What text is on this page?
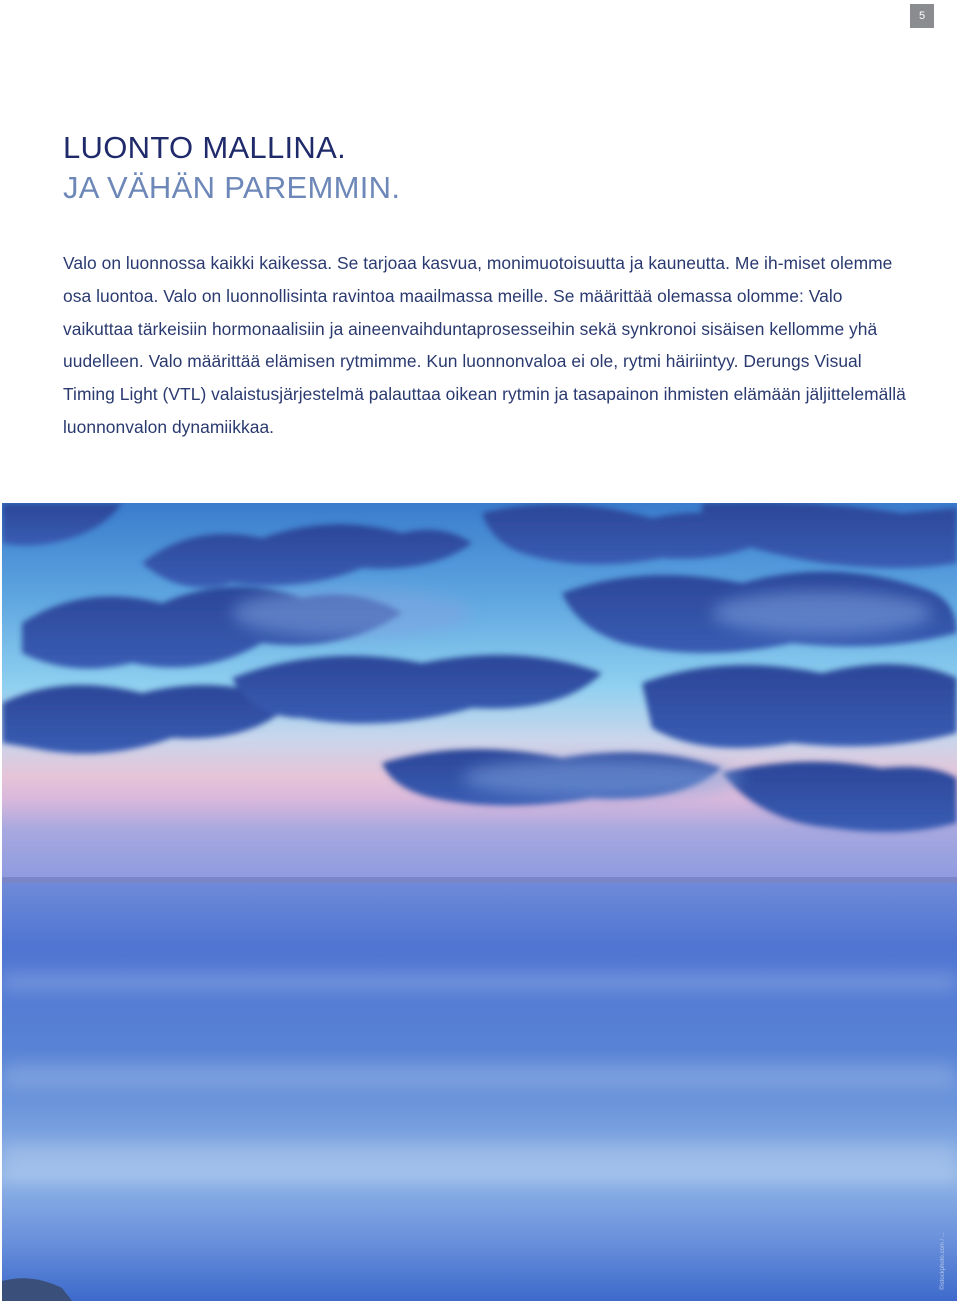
5
LUONTO MALLINA.
JA VÄHÄN PAREMMIN.

Valo on luonnossa kaikki kaikessa. Se tarjoaa kasvua, monimuotoisuutta ja kauneutta. Me ih-miset olemme osa luontoa. Valo on luonnollisinta ravintoa maailmassa meille. Se määrittää olemassa olomme: Valo vaikuttaa tärkeisiin hormonaalisiin ja aineenvaihduntaprosesseihin sekä synkronoi sisäisen kellomme yhä uudelleen. Valo määrittää elämisen rytmimme. Kun luonnonvaloa ei ole, rytmi häiriintyy. Derungs Visual Timing Light (VTL) valaistusjärjestelmä palauttaa oikean rytmin ja tasapainon ihmisten elämään jäljittelemällä luonnonvalon dynamiikkaa.

©istockphoto.com / ...
